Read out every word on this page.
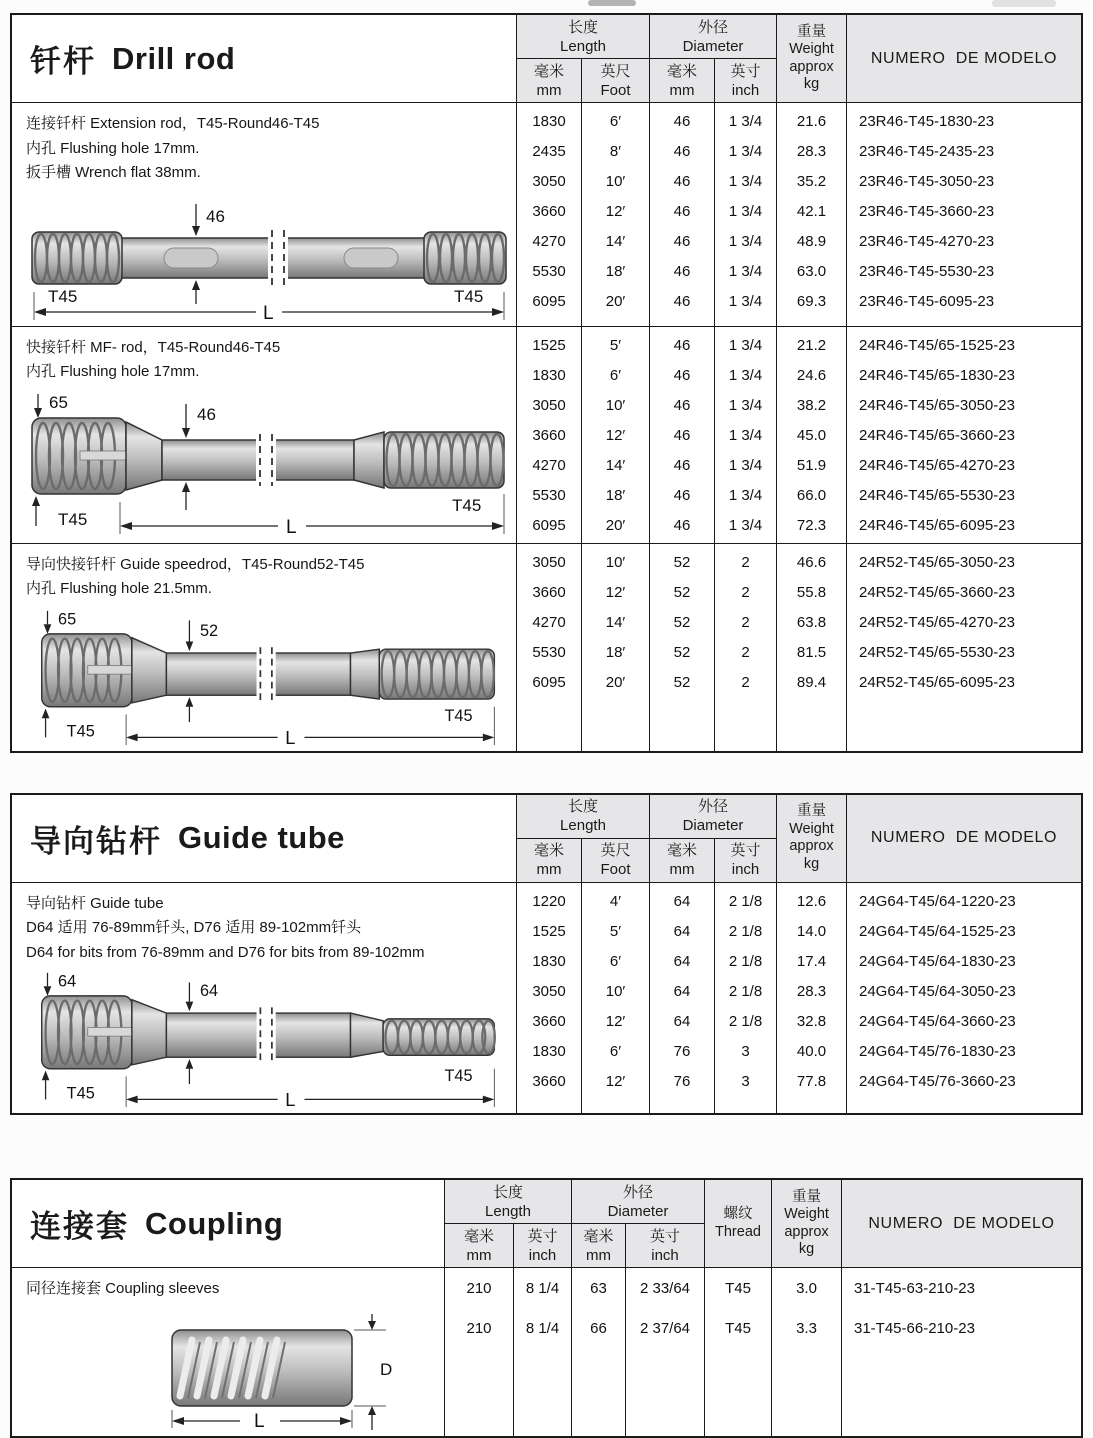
钎杆 Drill rod
长度
Length
毫米
mm
英尺
Foot
外径
Diameter
毫米
mm
英寸
inch
重量
Weight
approx
kg
NUMERO  DE MODELO
连接钎杆 Extension rod，T45-Round46-T45
内孔 Flushing hole 17mm.
扳手槽 Wrench flat 38mm.
46
T45	T45
L
1830
2435
3050
3660
4270
5530
6095
6′
8′
10′
12′
14′
18′
20′
46
46
46
46
46
46
46
1 3/4
1 3/4
1 3/4
1 3/4
1 3/4
1 3/4
1 3/4
21.6
28.3
35.2
42.1
48.9
63.0
69.3
23R46-T45-1830-23
23R46-T45-2435-23
23R46-T45-3050-23
23R46-T45-3660-23
23R46-T45-4270-23
23R46-T45-5530-23
23R46-T45-6095-23
快接钎杆 MF- rod，T45-Round46-T45
内孔 Flushing hole 17mm.
65
46
T45
T45
L
1525
1830
3050
3660
4270
5530
6095
5′
6′
10′
12′
14′
18′
20′
46
46
46
46
46
46
46
1 3/4
1 3/4
1 3/4
1 3/4
1 3/4
1 3/4
1 3/4
21.2
24.6
38.2
45.0
51.9
66.0
72.3
24R46-T45/65-1525-23
24R46-T45/65-1830-23
24R46-T45/65-3050-23
24R46-T45/65-3660-23
24R46-T45/65-4270-23
24R46-T45/65-5530-23
24R46-T45/65-6095-23
导向快接钎杆 Guide speedrod，T45-Round52-T45
内孔 Flushing hole 21.5mm.
65
52
T45
T45
L
3050
3660
4270
5530
6095
10′
12′
14′
18′
20′
52
52
52
52
52
2
2
2
2
2
46.6
55.8
63.8
81.5
89.4
24R52-T45/65-3050-23
24R52-T45/65-3660-23
24R52-T45/65-4270-23
24R52-T45/65-5530-23
24R52-T45/65-6095-23
导向钻杆 Guide tube
长度
Length
毫米
mm
英尺
Foot
外径
Diameter
毫米
mm
英寸
inch
重量
Weight
approx
kg
NUMERO  DE MODELO
导向钻杆 Guide tube
D64 适用 76-89mm钎头, D76 适用 89-102mm钎头
D64 for bits from 76-89mm and D76 for bits from 89-102mm
64
64
T45
T45
L
1220
1525
1830
3050
3660
1830
3660
4′
5′
6′
10′
12′
6′
12′
64
64
64
64
64
76
76
2 1/8
2 1/8
2 1/8
2 1/8
2 1/8
3
3
12.6
14.0
17.4
28.3
32.8
40.0
77.8
24G64-T45/64-1220-23
24G64-T45/64-1525-23
24G64-T45/64-1830-23
24G64-T45/64-3050-23
24G64-T45/64-3660-23
24G64-T45/76-1830-23
24G64-T45/76-3660-23
连接套 Coupling
长度
Length
毫米
mm
英寸
inch
外径
Diameter
毫米
mm
英寸
inch
螺纹
Thread
重量
Weight
approx
kg
NUMERO  DE MODELO
同径连接套 Coupling sleeves
D
L
210
210
8 1/4
8 1/4
63
66
2 33/64
2 37/64
T45
T45
3.0
3.3
31-T45-63-210-23
31-T45-66-210-23
